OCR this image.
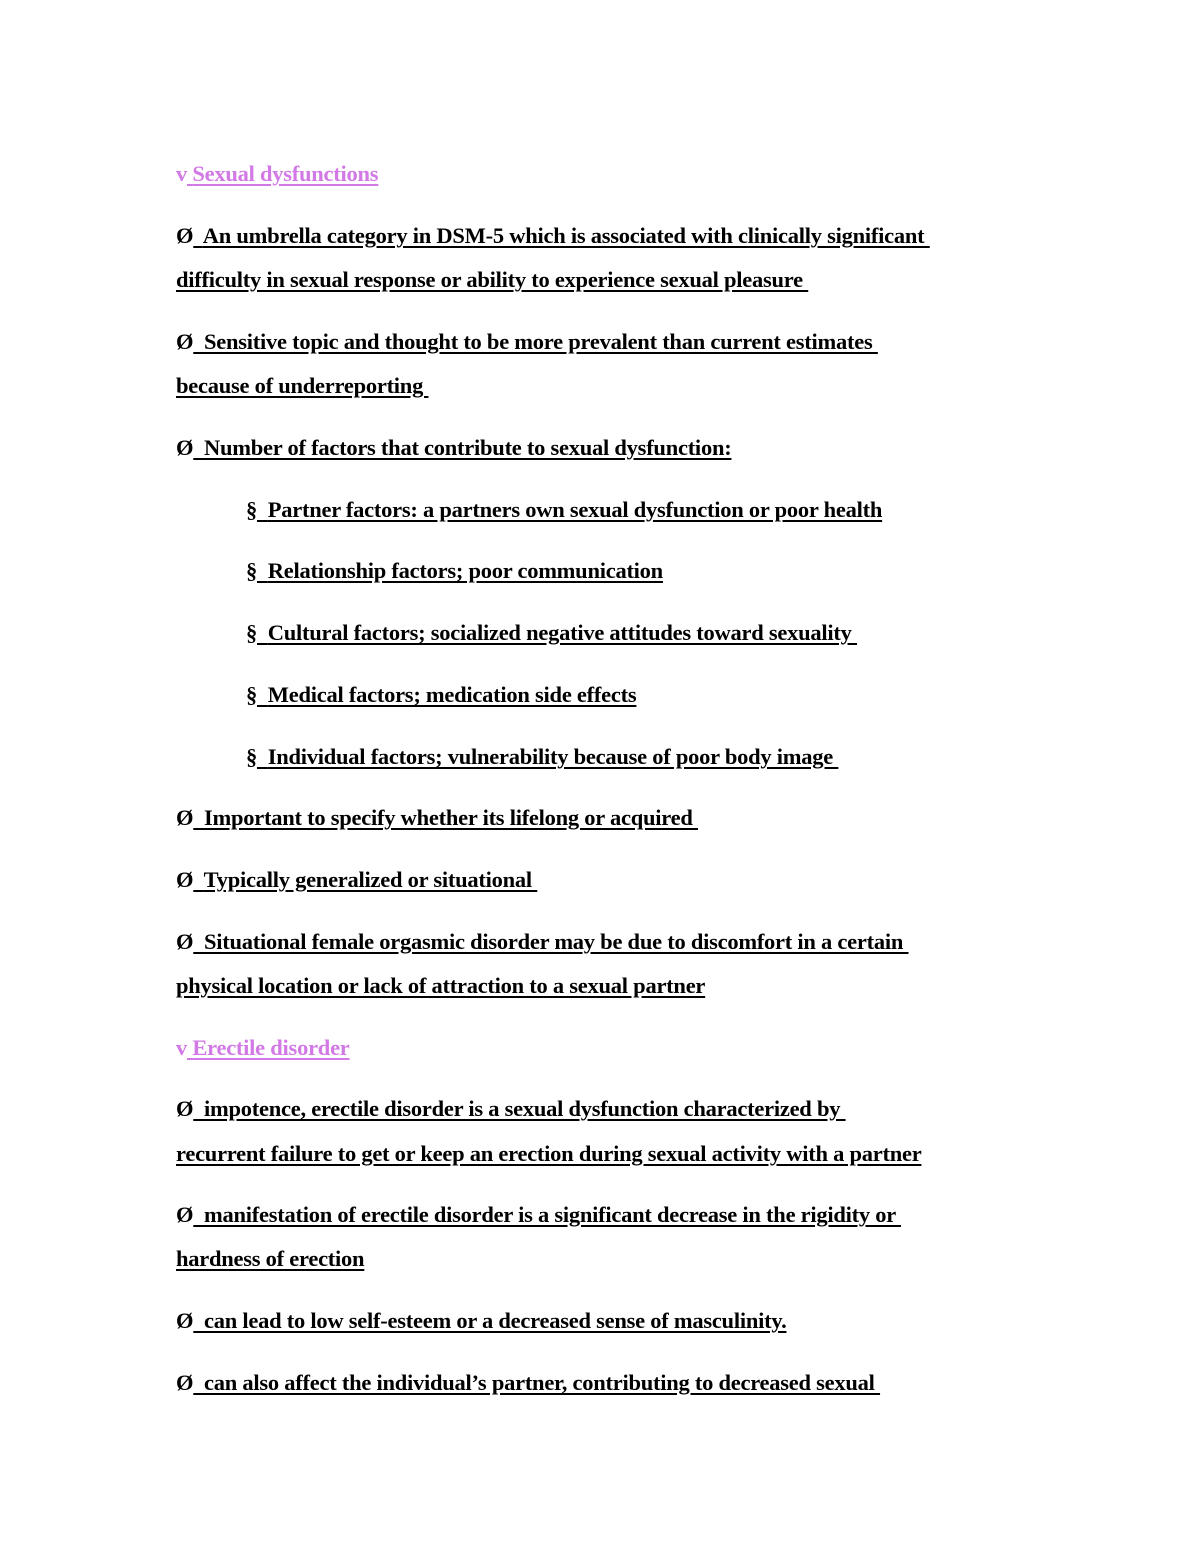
v Sexual dysfunctions
Ø An umbrella category in DSM-5 which is associated with clinically significant
difficulty in sexual response or ability to experience sexual pleasure
Ø Sensitive topic and thought to be more prevalent than current estimates
because of underreporting
Ø Number of factors that contribute to sexual dysfunction:
§ Partner factors: a partners own sexual dysfunction or poor health
§ Relationship factors; poor communication
§ Cultural factors; socialized negative attitudes toward sexuality
§ Medical factors; medication side effects
§ Individual factors; vulnerability because of poor body image
Ø Important to specify whether its lifelong or acquired
Ø Typically generalized or situational
Ø Situational female orgasmic disorder may be due to discomfort in a certain
physical location or lack of attraction to a sexual partner
v Erectile disorder
Ø impotence, erectile disorder is a sexual dysfunction characterized by
recurrent failure to get or keep an erection during sexual activity with a partner
Ø manifestation of erectile disorder is a significant decrease in the rigidity or
hardness of erection
Ø can lead to low self-esteem or a decreased sense of masculinity.
Ø can also affect the individual’s partner, contributing to decreased sexual
